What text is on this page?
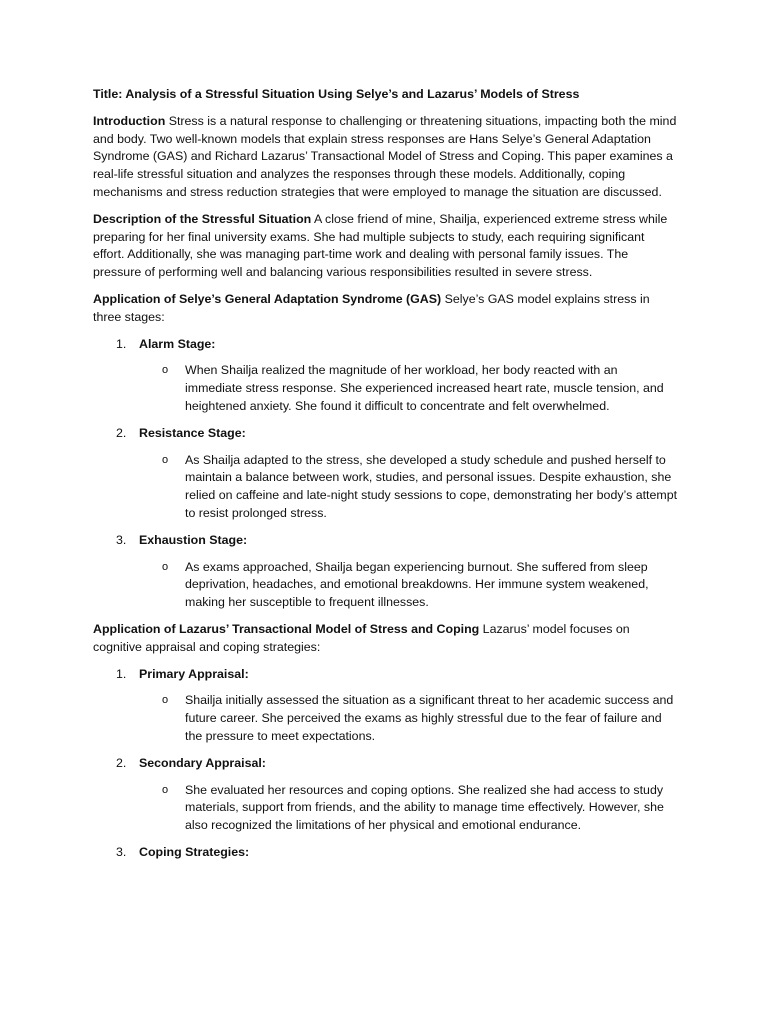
Title: Analysis of a Stressful Situation Using Selye’s and Lazarus’ Models of Stress

Introduction Stress is a natural response to challenging or threatening situations, impacting both the mind and body. Two well-known models that explain stress responses are Hans Selye’s General Adaptation Syndrome (GAS) and Richard Lazarus’ Transactional Model of Stress and Coping. This paper examines a real-life stressful situation and analyzes the responses through these models. Additionally, coping mechanisms and stress reduction strategies that were employed to manage the situation are discussed.

Description of the Stressful Situation A close friend of mine, Shailja, experienced extreme stress while preparing for her final university exams. She had multiple subjects to study, each requiring significant effort. Additionally, she was managing part-time work and dealing with personal family issues. The pressure of performing well and balancing various responsibilities resulted in severe stress.

Application of Selye’s General Adaptation Syndrome (GAS) Selye’s GAS model explains stress in three stages:

1. Alarm Stage:
o When Shailja realized the magnitude of her workload, her body reacted with an immediate stress response. She experienced increased heart rate, muscle tension, and heightened anxiety. She found it difficult to concentrate and felt overwhelmed.
2. Resistance Stage:
o As Shailja adapted to the stress, she developed a study schedule and pushed herself to maintain a balance between work, studies, and personal issues. Despite exhaustion, she relied on caffeine and late-night study sessions to cope, demonstrating her body’s attempt to resist prolonged stress.
3. Exhaustion Stage:
o As exams approached, Shailja began experiencing burnout. She suffered from sleep deprivation, headaches, and emotional breakdowns. Her immune system weakened, making her susceptible to frequent illnesses.

Application of Lazarus’ Transactional Model of Stress and Coping Lazarus’ model focuses on cognitive appraisal and coping strategies:

1. Primary Appraisal:
o Shailja initially assessed the situation as a significant threat to her academic success and future career. She perceived the exams as highly stressful due to the fear of failure and the pressure to meet expectations.
2. Secondary Appraisal:
o She evaluated her resources and coping options. She realized she had access to study materials, support from friends, and the ability to manage time effectively. However, she also recognized the limitations of her physical and emotional endurance.
3. Coping Strategies:
